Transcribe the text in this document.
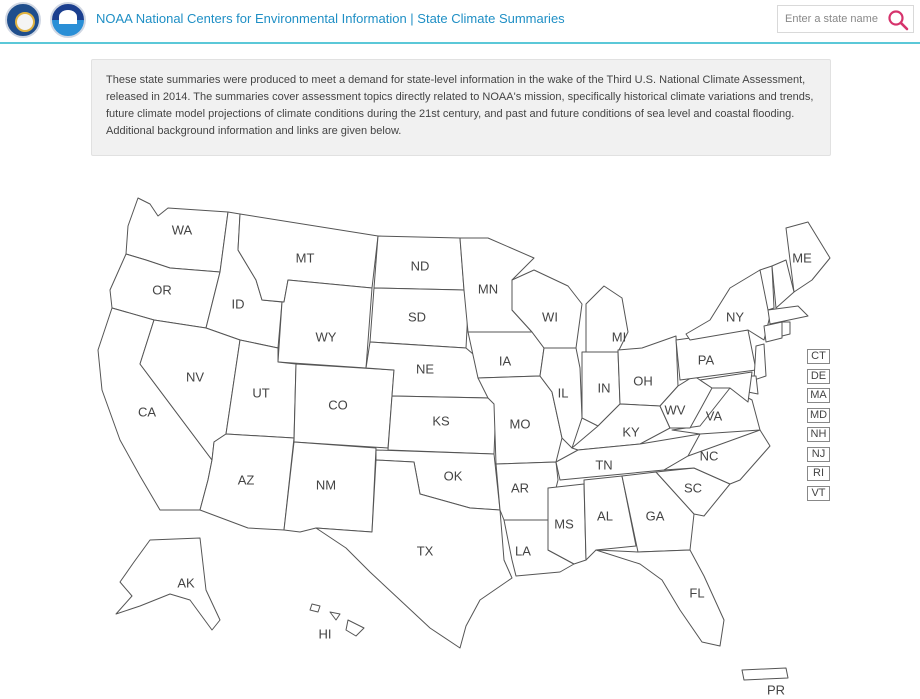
NOAA National Centers for Environmental Information | State Climate Summaries
Enter a state name
These state summaries were produced to meet a demand for state-level information in the wake of the Third U.S. National Climate Assessment, released in 2014. The summaries cover assessment topics directly related to NOAA's mission, specifically historical climate variations and trends, future climate model projections of climate conditions during the 21st century, and past and future conditions of sea level and coastal flooding. Additional background information and links are given below.
WA
OR
CA
ID
NV
MT
WY
UT
AZ
CO
NM
ND
SD
NE
KS
OK
TX
MN
IA
MO
AR
LA
WI
IL
MI
IN OH
KY
TN
MS
AL	GA
FL
SC
NC
VA
WV
PA
NY
ME
AK
HI
PR
CT
DE
MA
MD
NH
NJ
RI
VT
